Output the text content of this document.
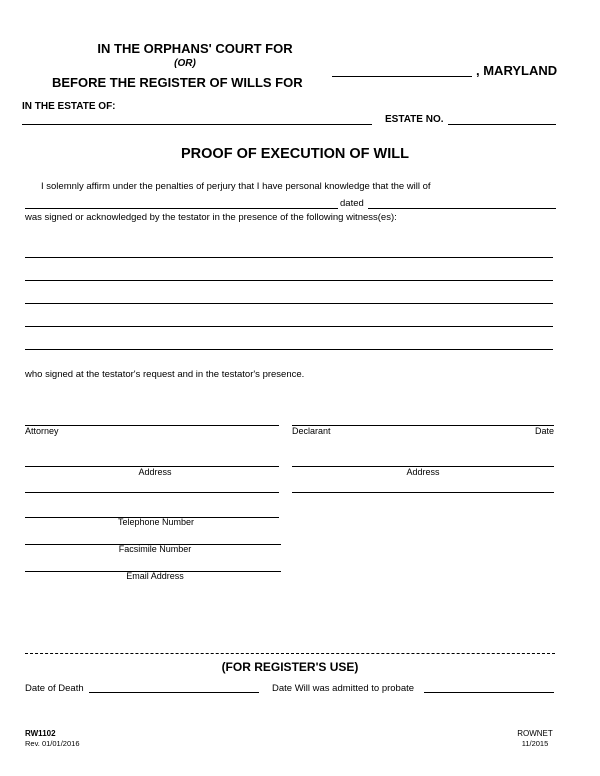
IN THE ORPHANS' COURT FOR
(OR)
BEFORE THE REGISTER OF WILLS FOR
, MARYLAND
IN THE ESTATE OF:
ESTATE NO.
PROOF OF EXECUTION OF WILL
I solemnly affirm under the penalties of perjury that I have personal knowledge that the will of
dated
was signed or acknowledged by the testator in the presence of the following witness(es):
who signed at the testator's request and in the testator's presence.
Attorney
Address
Telephone Number
Facsimile Number
Email Address
Declarant	Date
Address
(FOR REGISTER'S USE)
Date of Death	Date Will was admitted to probate
RW1102
Rev. 01/01/2016
ROWNET
11/2015
